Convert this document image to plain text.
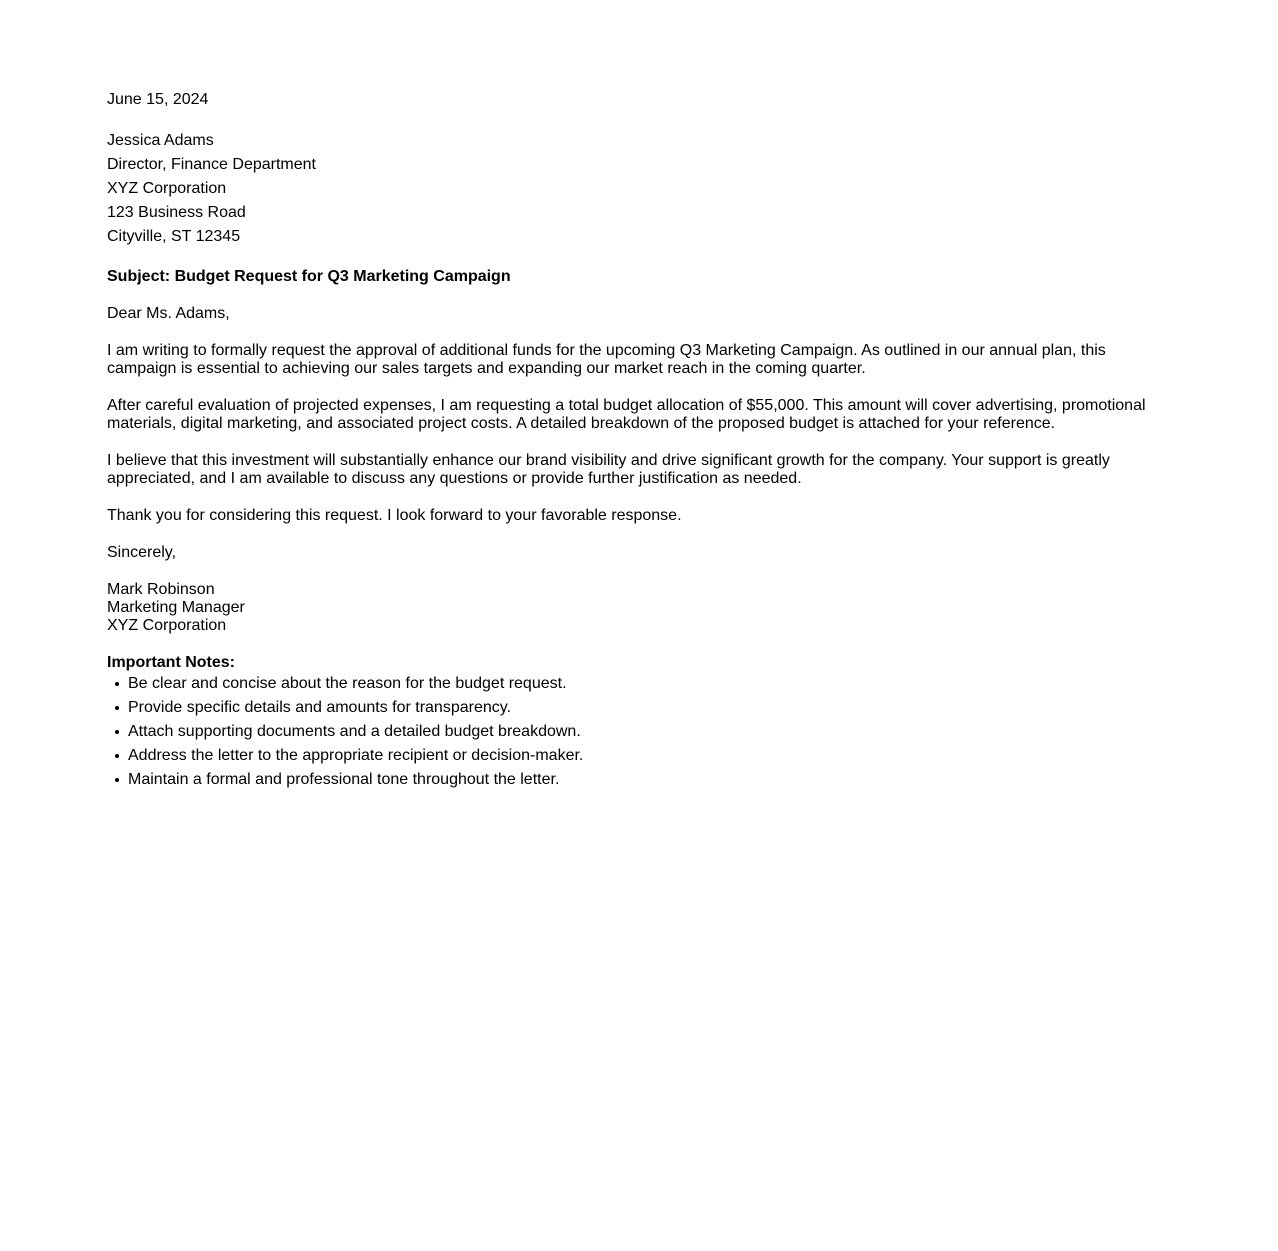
June 15, 2024

Jessica Adams
Director, Finance Department
XYZ Corporation
123 Business Road
Cityville, ST 12345

Subject: Budget Request for Q3 Marketing Campaign

Dear Ms. Adams,

I am writing to formally request the approval of additional funds for the upcoming Q3 Marketing Campaign. As outlined in our annual plan, this campaign is essential to achieving our sales targets and expanding our market reach in the coming quarter.

After careful evaluation of projected expenses, I am requesting a total budget allocation of $55,000. This amount will cover advertising, promotional materials, digital marketing, and associated project costs. A detailed breakdown of the proposed budget is attached for your reference.

I believe that this investment will substantially enhance our brand visibility and drive significant growth for the company. Your support is greatly appreciated, and I am available to discuss any questions or provide further justification as needed.

Thank you for considering this request. I look forward to your favorable response.

Sincerely,

Mark Robinson
Marketing Manager
XYZ Corporation

Important Notes:

Be clear and concise about the reason for the budget request.
Provide specific details and amounts for transparency.
Attach supporting documents and a detailed budget breakdown.
Address the letter to the appropriate recipient or decision-maker.
Maintain a formal and professional tone throughout the letter.
